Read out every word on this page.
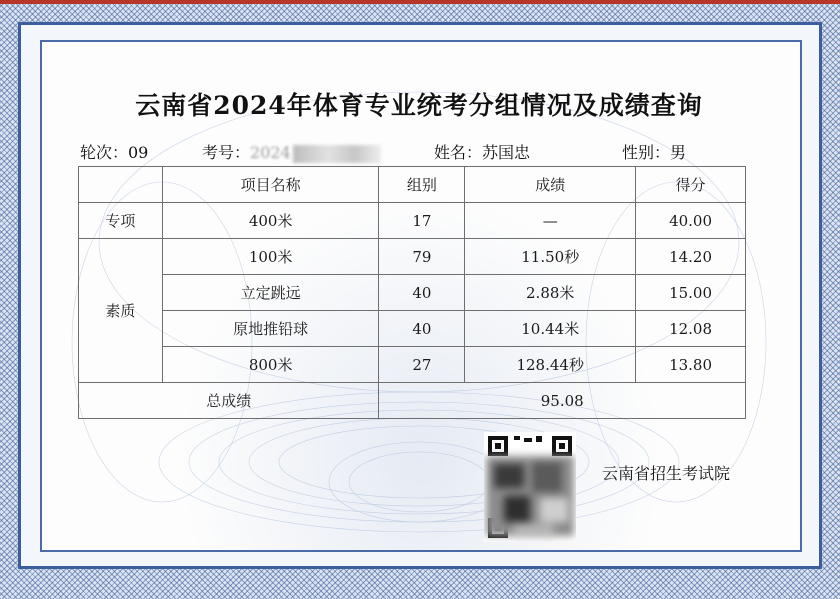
云南省2024年体育专业统考分组情况及成绩查询
轮次：09	考号：2024	姓名：苏国忠	性别：男
	项目名称	组别	成绩	得分
专项	400米	17	—	40.00
素质	100米	79	11.50秒	14.20
	立定跳远	40	2.88米	15.00
	原地推铅球	40	10.44米	12.08
	800米	27	128.44秒	13.80
总成绩		95.08		
云南省招生考试院
